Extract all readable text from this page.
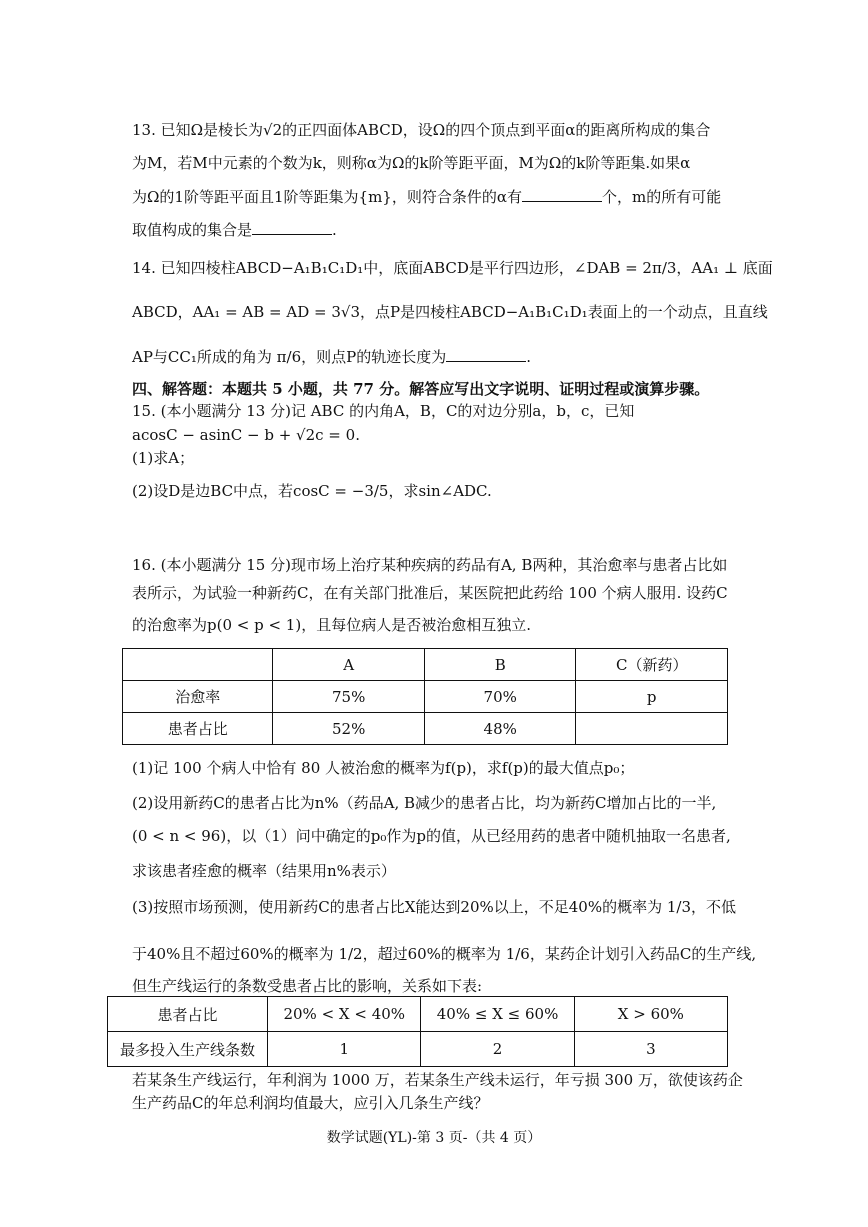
13. 已知Ω是棱长为√2的正四面体ABCD，设Ω的四个顶点到平面α的距离所构成的集合
为M，若M中元素的个数为k，则称α为Ω的k阶等距平面，M为Ω的k阶等距集.如果α
为Ω的1阶等距平面且1阶等距集为{m}，则符合条件的α有	个，m的所有可能
取值构成的集合是	.
14. 已知四棱柱ABCD−A₁B₁C₁D₁中，底面ABCD是平行四边形，∠DAB = 2π/3，AA₁ ⊥ 底面
ABCD，AA₁ = AB = AD = 3√3，点P是四棱柱ABCD−A₁B₁C₁D₁表面上的一个动点，且直线
AP与CC₁所成的角为 π/6，则点P的轨迹长度为	.
四、解答题：本题共 5 小题，共 77 分。解答应写出文字说明、证明过程或演算步骤。
15. (本小题满分 13 分)记 ABC 的内角A，B，C的对边分别a，b，c，已知
acosC − asinC − b + √2c = 0.
(1)求A；
(2)设D是边BC中点，若cosC = −3/5，求sin∠ADC.
16. (本小题满分 15 分)现市场上治疗某种疾病的药品有A, B两种，其治愈率与患者占比如
表所示，为试验一种新药C，在有关部门批准后，某医院把此药给 100 个病人服用. 设药C
的治愈率为p(0 < p < 1)，且每位病人是否被治愈相互独立.
	A	B	C（新药）
治愈率	75%	70%	p
患者占比	52%	48%	
(1)记 100 个病人中恰有 80 人被治愈的概率为f(p)，求f(p)的最大值点p₀；
(2)设用新药C的患者占比为n%（药品A, B减少的患者占比，均为新药C增加占比的一半,
(0 < n < 96)，以（1）问中确定的p₀作为p的值，从已经用药的患者中随机抽取一名患者,
求该患者痊愈的概率（结果用n%表示）
(3)按照市场预测，使用新药C的患者占比X能达到20%以上，不足40%的概率为 1/3，不低
于40%且不超过60%的概率为 1/2，超过60%的概率为 1/6，某药企计划引入药品C的生产线,
但生产线运行的条数受患者占比的影响，关系如下表:
患者占比	20% < X < 40%	40% ≤ X ≤ 60%	X > 60%
最多投入生产线条数	1	2	3
若某条生产线运行，年利润为 1000 万，若某条生产线未运行，年亏损 300 万，欲使该药企
生产药品C的年总利润均值最大，应引入几条生产线？
数学试题(YL)-第 3 页-（共 4 页）
